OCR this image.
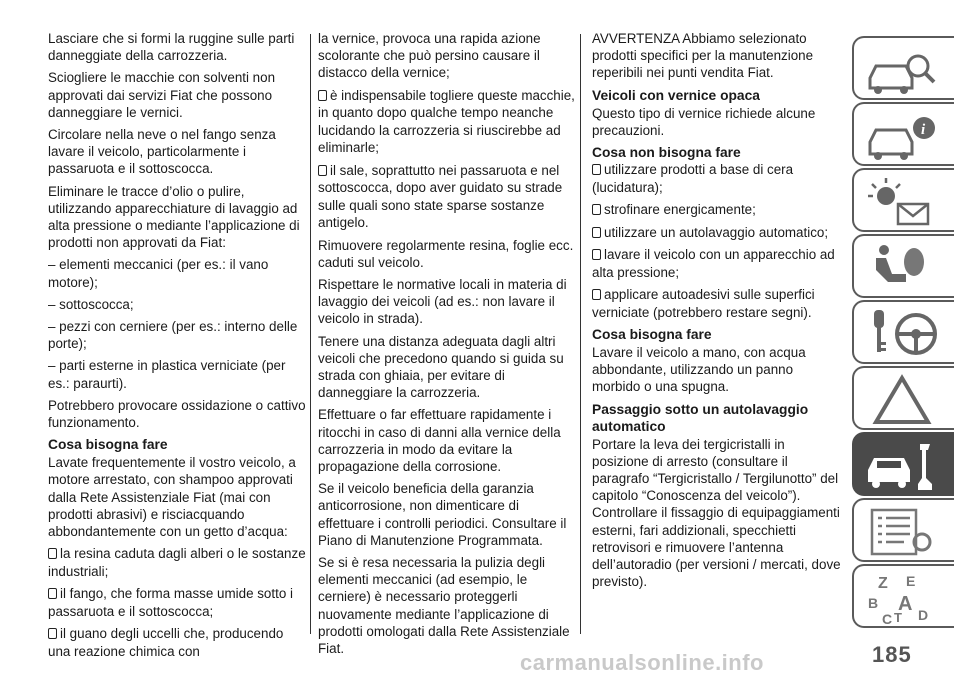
Lasciare che si formi la ruggine sulle parti danneggiate della carrozzeria.

Sciogliere le macchie con solventi non approvati dai servizi Fiat che possono danneggiare le vernici.

Circolare nella neve o nel fango senza lavare il veicolo, particolarmente i passaruota e il sottoscocca.

Eliminare le tracce d’olio o pulire, utilizzando apparecchiature di lavaggio ad alta pressione o mediante l’applicazione di prodotti non approvati da Fiat:

– elementi meccanici (per es.: il vano motore);

– sottoscocca;

– pezzi con cerniere (per es.: interno delle porte);

– parti esterne in plastica verniciate (per es.: paraurti).

Potrebbero provocare ossidazione o cattivo funzionamento.

Cosa bisogna fare

Lavate frequentemente il vostro veicolo, a motore arrestato, con shampoo approvati dalla Rete Assistenziale Fiat (mai con prodotti abrasivi) e risciacquando abbondantemente con un getto d’acqua:

la resina caduta dagli alberi o le sostanze industriali;
il fango, che forma masse umide sotto i passaruota e il sottoscocca;
il guano degli uccelli che, producendo una reazione chimica con

la vernice, provoca una rapida azione scolorante che può persino causare il distacco della vernice;

è indispensabile togliere queste macchie, in quanto dopo qualche tempo neanche lucidando la carrozzeria si riuscirebbe ad eliminarle;
il sale, soprattutto nei passaruota e nel sottoscocca, dopo aver guidato su strade sulle quali sono state sparse sostanze antigelo.

Rimuovere regolarmente resina, foglie ecc. caduti sul veicolo.

Rispettare le normative locali in materia di lavaggio dei veicoli (ad es.: non lavare il veicolo in strada).

Tenere una distanza adeguata dagli altri veicoli che precedono quando si guida su strada con ghiaia, per evitare di danneggiare la carrozzeria.

Effettuare o far effettuare rapidamente i ritocchi in caso di danni alla vernice della carrozzeria in modo da evitare la propagazione della corrosione.

Se il veicolo beneficia della garanzia anticorrosione, non dimenticare di effettuare i controlli periodici. Consultare il Piano di Manutenzione Programmata.

Se si è resa necessaria la pulizia degli elementi meccanici (ad esempio, le cerniere) è necessario proteggerli nuovamente mediante l’applicazione di prodotti omologati dalla Rete Assistenziale Fiat.

AVVERTENZA Abbiamo selezionato prodotti specifici per la manutenzione reperibili nei punti vendita Fiat.

Veicoli con vernice opaca

Questo tipo di vernice richiede alcune precauzioni.

Cosa non bisogna fare
utilizzare prodotti a base di cera (lucidatura);
strofinare energicamente;
utilizzare un autolavaggio automatico;
lavare il veicolo con un apparecchio ad alta pressione;
applicare autoadesivi sulle superfici verniciate (potrebbero restare segni).
Cosa bisogna fare

Lavare il veicolo a mano, con acqua abbondante, utilizzando un panno morbido o una spugna.

Passaggio sotto un autolavaggio automatico

Portare la leva dei tergicristalli in posizione di arresto (consultare il paragrafo “Tergicristallo / Tergilunotto” del capitolo “Conoscenza del veicolo”). Controllare il fissaggio di equipaggiamenti esterni, fari addizionali, specchietti retrovisori e rimuovere l’antenna dell’autoradio (per versioni / mercati, dove previsto).

i
Z E
B A
C T D
185
carmanualsonline.info
